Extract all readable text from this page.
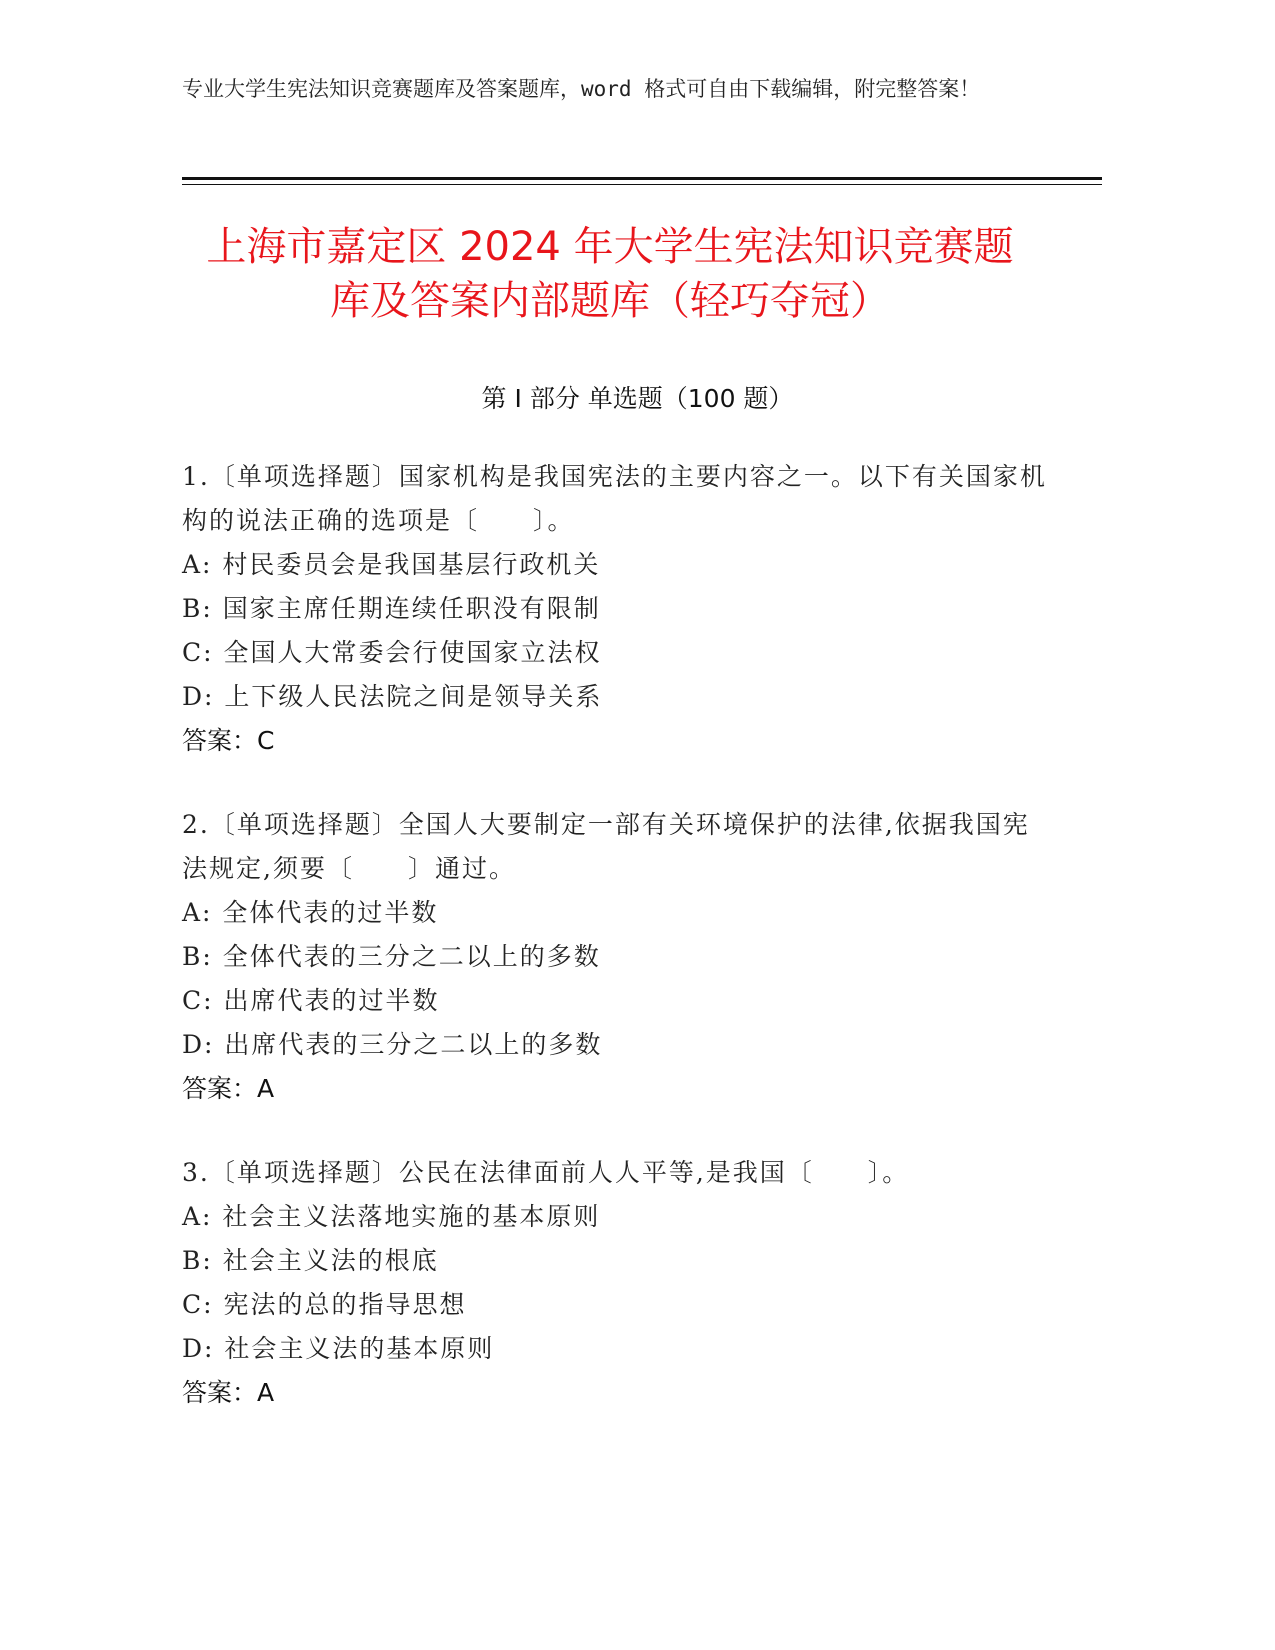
专业大学生宪法知识竞赛题库及答案题库，word 格式可自由下载编辑，附完整答案！

上海市嘉定区 2024 年大学生宪法知识竞赛题
库及答案内部题库（轻巧夺冠）
第 I 部分 单选题（100 题）

1.〔单项选择题〕国家机构是我国宪法的主要内容之一。以下有关国家机构的说法正确的选项是〔　　〕。

A: 村民委员会是我国基层行政机关

B: 国家主席任期连续任职没有限制

C: 全国人大常委会行使国家立法权

D: 上下级人民法院之间是领导关系

答案：C

2.〔单项选择题〕全国人大要制定一部有关环境保护的法律,依据我国宪法规定,须要〔　　〕通过。

A: 全体代表的过半数

B: 全体代表的三分之二以上的多数

C: 出席代表的过半数

D: 出席代表的三分之二以上的多数

答案：A

3.〔单项选择题〕公民在法律面前人人平等,是我国〔　　〕。

A: 社会主义法落地实施的基本原则

B: 社会主义法的根底

C: 宪法的总的指导思想

D: 社会主义法的基本原则

答案：A
